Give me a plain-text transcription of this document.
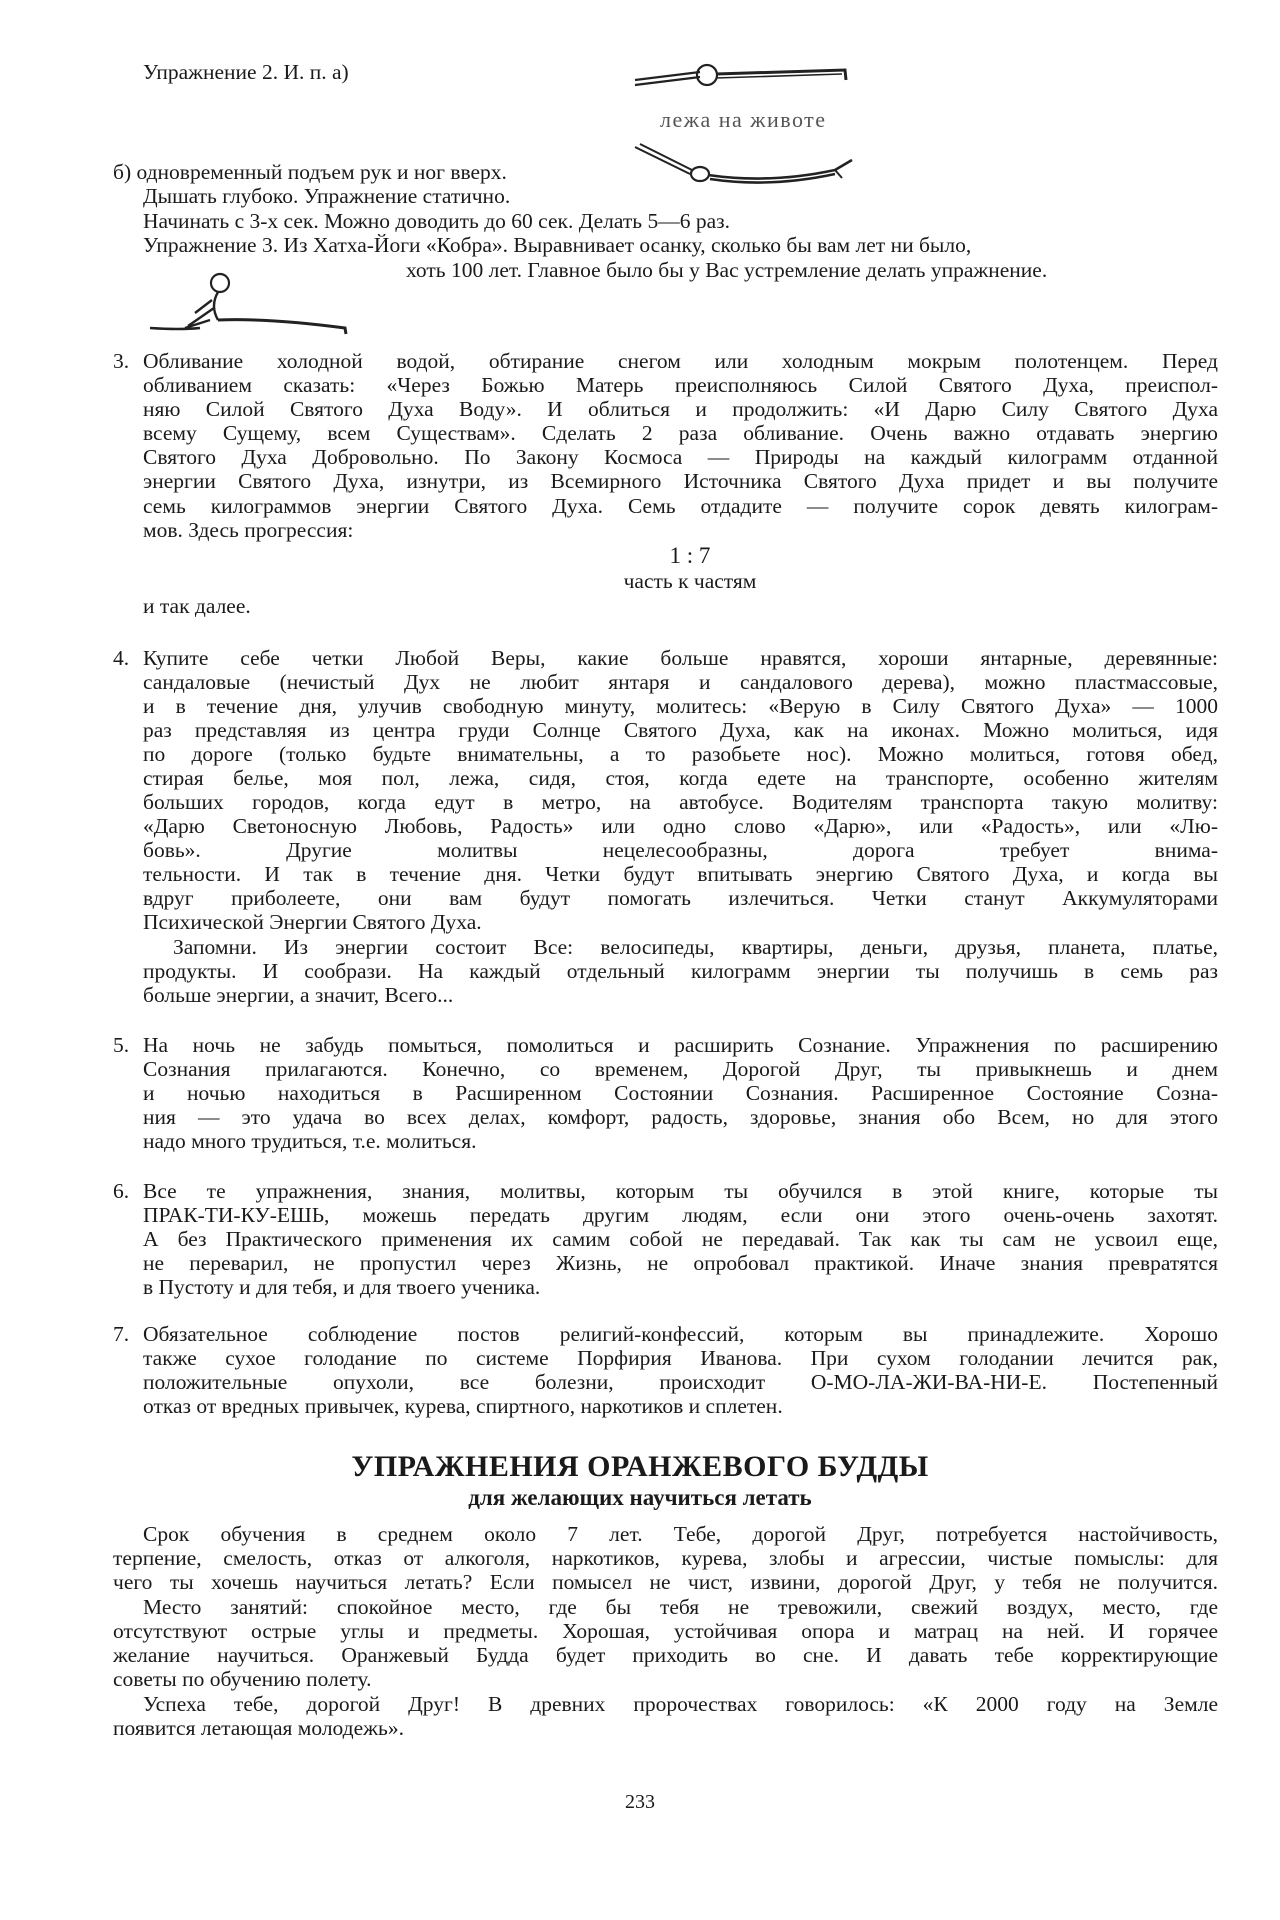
Упражнение 2. И. п. а)
лежа на животе
б) одновременный подъем рук и ног вверх.
Дышать глубоко. Упражнение статично.
Начинать с 3-х сек. Можно доводить до 60 сек. Делать 5—6 раз.
Упражнение 3. Из Хатха-Йоги «Кобра». Выравнивает осанку, сколько бы вам лет ни было,
хоть 100 лет. Главное было бы у Вас устремление делать упражнение.
3. Обливание холодной водой, обтирание снегом или холодным мокрым полотенцем. Перед
обливанием сказать: «Через Божью Матерь преисполняюсь Силой Святого Духа, преиспол-
няю Силой Святого Духа Воду». И облиться и продолжить: «И Дарю Силу Святого Духа
всему Сущему, всем Существам». Сделать 2 раза обливание. Очень важно отдавать энергию
Святого Духа Добровольно. По Закону Космоса — Природы на каждый килограмм отданной
энергии Святого Духа, изнутри, из Всемирного Источника Святого Духа придет и вы получите
семь килограммов энергии Святого Духа. Семь отдадите — получите сорок девять килограм-
мов. Здесь прогрессия:
1 : 7
часть к частям
и так далее.
4. Купите себе четки Любой Веры, какие больше нравятся, хороши янтарные, деревянные:
сандаловые (нечистый Дух не любит янтаря и сандалового дерева), можно пластмассовые,
и в течение дня, улучив свободную минуту, молитесь: «Верую в Силу Святого Духа» — 1000
раз представляя из центра груди Солнце Святого Духа, как на иконах. Можно молиться, идя
по дороге (только будьте внимательны, а то разобьете нос). Можно молиться, готовя обед,
стирая белье, моя пол, лежа, сидя, стоя, когда едете на транспорте, особенно жителям
больших городов, когда едут в метро, на автобусе. Водителям транспорта такую молитву:
«Дарю Светоносную Любовь, Радость» или одно слово «Дарю», или «Радость», или «Лю-
бовь». Другие молитвы нецелесообразны, дорога требует внима-
тельности. И так в течение дня. Четки будут впитывать энергию Святого Духа, и когда вы
вдруг приболеете, они вам будут помогать излечиться. Четки станут Аккумуляторами
Психической Энергии Святого Духа.
Запомни. Из энергии состоит Все: велосипеды, квартиры, деньги, друзья, планета, платье,
продукты. И сообрази. На каждый отдельный килограмм энергии ты получишь в семь раз
больше энергии, а значит, Всего...
5. На ночь не забудь помыться, помолиться и расширить Сознание. Упражнения по расширению
Сознания прилагаются. Конечно, со временем, Дорогой Друг, ты привыкнешь и днем
и ночью находиться в Расширенном Состоянии Сознания. Расширенное Состояние Созна-
ния — это удача во всех делах, комфорт, радость, здоровье, знания обо Всем, но для этого
надо много трудиться, т.е. молиться.
6. Все те упражнения, знания, молитвы, которым ты обучился в этой книге, которые ты
ПРАК-ТИ-КУ-ЕШЬ, можешь передать другим людям, если они этого очень-очень захотят.
А без Практического применения их самим собой не передавай. Так как ты сам не усвоил еще,
не переварил, не пропустил через Жизнь, не опробовал практикой. Иначе знания превратятся
в Пустоту и для тебя, и для твоего ученика.
7. Обязательное соблюдение постов религий-конфессий, которым вы принадлежите. Хорошо
также сухое голодание по системе Порфирия Иванова. При сухом голодании лечится рак,
положительные опухоли, все болезни, происходит О-МО-ЛА-ЖИ-ВА-НИ-Е. Постепенный
отказ от вредных привычек, курева, спиртного, наркотиков и сплетен.
УПРАЖНЕНИЯ ОРАНЖЕВОГО БУДДЫ
для желающих научиться летать
Срок обучения в среднем около 7 лет. Тебе, дорогой Друг, потребуется настойчивость,
терпение, смелость, отказ от алкоголя, наркотиков, курева, злобы и агрессии, чистые помыслы: для
чего ты хочешь научиться летать? Если помысел не чист, извини, дорогой Друг, у тебя не получится.
Место занятий: спокойное место, где бы тебя не тревожили, свежий воздух, место, где
отсутствуют острые углы и предметы. Хорошая, устойчивая опора и матрац на ней. И горячее
желание научиться. Оранжевый Будда будет приходить во сне. И давать тебе корректирующие
советы по обучению полету.
Успеха тебе, дорогой Друг! В древних пророчествах говорилось: «К 2000 году на Земле
появится летающая молодежь».
233
